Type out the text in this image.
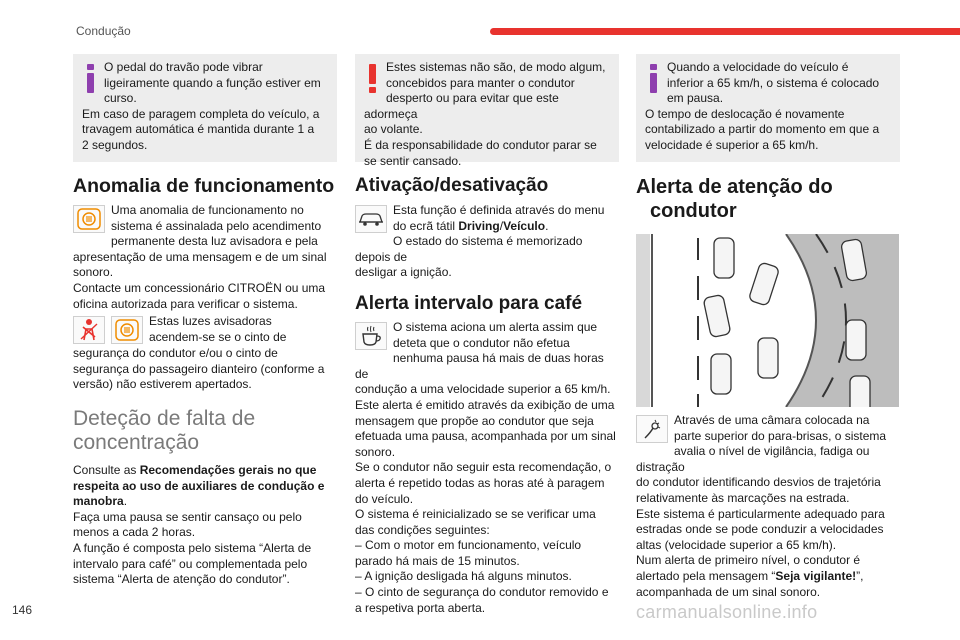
Condução

O pedal do travão pode vibrar

ligeiramente quando a função estiver em

curso.

Em caso de paragem completa do veículo, a

travagem automática é mantida durante 1 a

2 segundos.

Anomalia de funcionamento

Uma anomalia de funcionamento no

sistema é assinalada pelo acendimento

permanente desta luz avisadora e pela

apresentação de uma mensagem e de um sinal

sonoro.

Contacte um concessionário CITROËN ou uma

oficina autorizada para verificar o sistema.

Estas luzes avisadoras

acendem-se se o cinto de

segurança do condutor e/ou o cinto de

segurança do passageiro dianteiro (conforme a

versão) não estiverem apertados.

Deteção de falta de
concentração

Consulte as Recomendações gerais no que

respeita ao uso de auxiliares de condução e

manobra.

Faça uma pausa se sentir cansaço ou pelo

menos a cada 2 horas.

A função é composta pelo sistema “Alerta de

intervalo para café” ou complementada pelo

sistema “Alerta de atenção do condutor”.

Estes sistemas não são, de modo algum,

concebidos para manter o condutor

desperto ou para evitar que este adormeça

ao volante.

É da responsabilidade do condutor parar se

se sentir cansado.

Ativação/desativação

Esta função é definida através do menu

do ecrã tátil Driving/Veículo.

O estado do sistema é memorizado depois de

desligar a ignição.

Alerta intervalo para café

O sistema aciona um alerta assim que

deteta que o condutor não efetua

nenhuma pausa há mais de duas horas de

condução a uma velocidade superior a 65 km/h.

Este alerta é emitido através da exibição de uma

mensagem que propõe ao condutor que seja

efetuada uma pausa, acompanhada por um sinal

sonoro.

Se o condutor não seguir esta recomendação, o

alerta é repetido todas as horas até à paragem

do veículo.

O sistema é reinicializado se se verificar uma

das condições seguintes:

– Com o motor em funcionamento, veículo

parado há mais de 15 minutos.

– A ignição desligada há alguns minutos.

– O cinto de segurança do condutor removido e

a respetiva porta aberta.

Quando a velocidade do veículo é

inferior a 65 km/h, o sistema é colocado

em pausa.

O tempo de deslocação é novamente

contabilizado a partir do momento em que a

velocidade é superior a 65 km/h.

Alerta de atenção do
condutor

Através de uma câmara colocada na

parte superior do para-brisas, o sistema

avalia o nível de vigilância, fadiga ou distração

do condutor identificando desvios de trajetória

relativamente às marcações na estrada.

Este sistema é particularmente adequado para

estradas onde se pode conduzir a velocidades

altas (velocidade superior a 65 km/h).

Num alerta de primeiro nível, o condutor é

alertado pela mensagem “Seja vigilante!”,

acompanhada de um sinal sonoro.

146	carmanualsonline.info
